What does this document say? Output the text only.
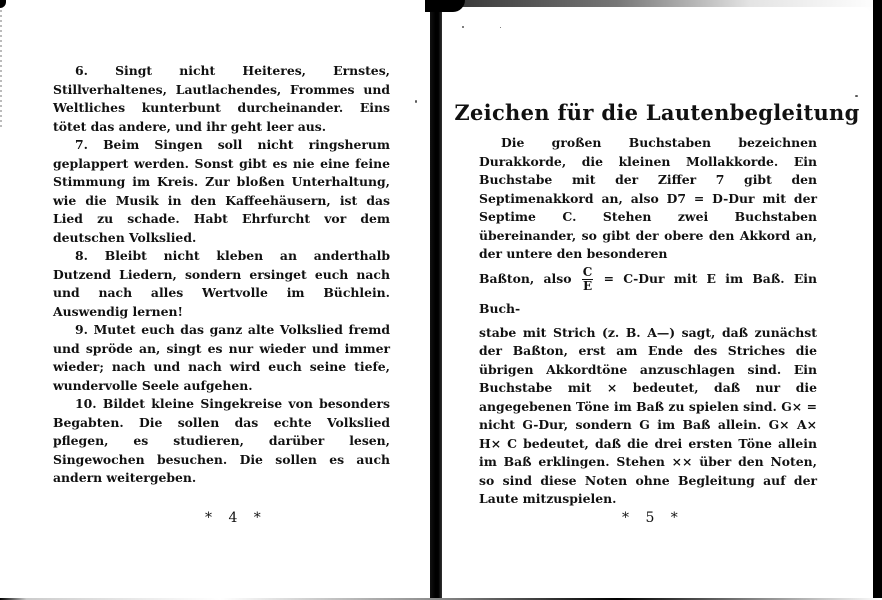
6. Singt nicht Heiteres, Ernstes, Stillverhaltenes, Lautlachendes, Frommes und Weltliches kunterbunt durcheinander. Eins tötet das andere, und ihr geht leer aus.

7. Beim Singen soll nicht ringsherum geplappert werden. Sonst gibt es nie eine feine Stimmung im Kreis. Zur bloßen Unterhaltung, wie die Musik in den Kaffeehäusern, ist das Lied zu schade. Habt Ehrfurcht vor dem deutschen Volkslied.

8. Bleibt nicht kleben an anderthalb Dutzend Liedern, sondern ersinget euch nach und nach alles Wertvolle im Büchlein. Auswendig lernen!

9. Mutet euch das ganz alte Volkslied fremd und spröde an, singt es nur wieder und immer wieder; nach und nach wird euch seine tiefe, wundervolle Seele aufgehen.

10. Bildet kleine Singekreise von besonders Begabten. Die sollen das echte Volkslied pflegen, es studieren, darüber lesen, Singewochen besuchen. Die sollen es auch andern weitergeben.

* 4 *
Zeichen für die Lautenbegleitung

Die großen Buchstaben bezeichnen Durakkorde, die kleinen Mollakkorde. Ein Buchstabe mit der Ziffer 7 gibt den Septimenakkord an, also D7 = D-Dur mit der Septime C. Stehen zwei Buchstaben übereinander, so gibt der obere den Akkord an, der untere den besonderen

Baßton, also $\frac{C}{E} = C-Dur$ mit E im Baß. Ein Buch-

stabe mit Strich (z. B. A—) sagt, daß zunächst der Baßton, erst am Ende des Striches die übrigen Akkordtöne anzuschlagen sind. Ein Buchstabe mit × bedeutet, daß nur die angegebenen Töne im Baß zu spielen sind. G× = nicht G-Dur, sondern G im Baß allein. G× A× H× C bedeutet, daß die drei ersten Töne allein im Baß erklingen. Stehen ×× über den Noten, so sind diese Noten ohne Begleitung auf der Laute mitzuspielen.

* 5 *
